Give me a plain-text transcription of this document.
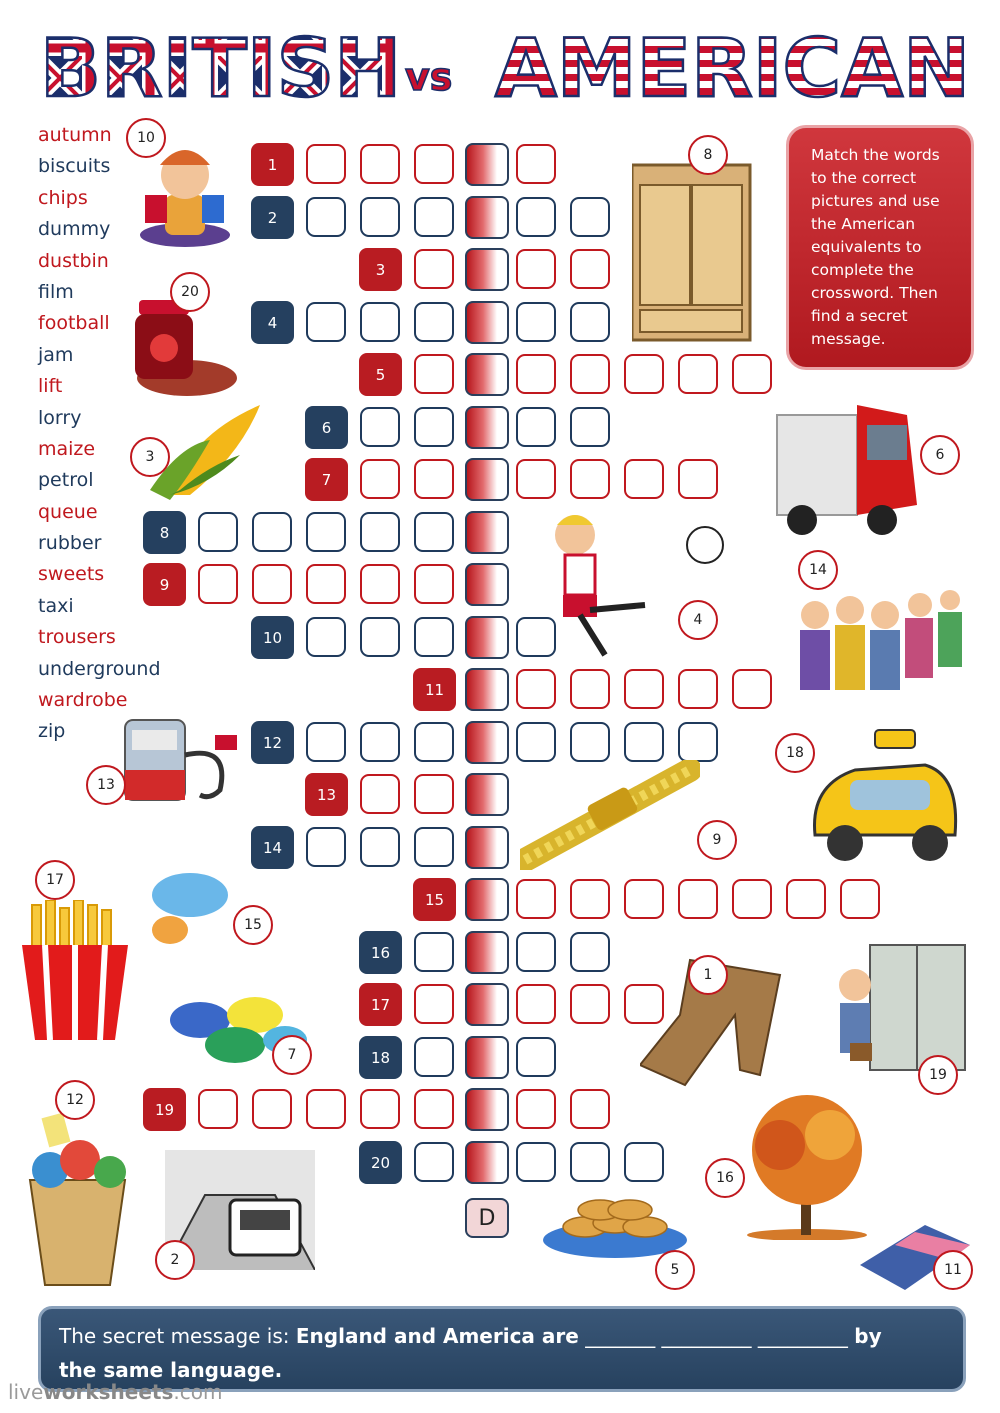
BRITISH vs AMERICAN
autumn
biscuits
chips
dummy
dustbin
film
football
jam
lift
lorry
maize
petrol
queue
rubber
sweets
taxi
trousers
underground
wardrobe
zip
Match the words to the correct pictures and use the American equivalents to complete the crossword. Then find a secret message.
1
2
3
4
5
6
7
8
9
10
11
12
13
14
15
16
17
18
19
20
D
10
20
3
8
6
14
4
18
13
9
17
15
1
7
19
12
16
2
5	11
The secret message is: England and America are _______ _________ _________ by
the same language.
liveworksheets.com
